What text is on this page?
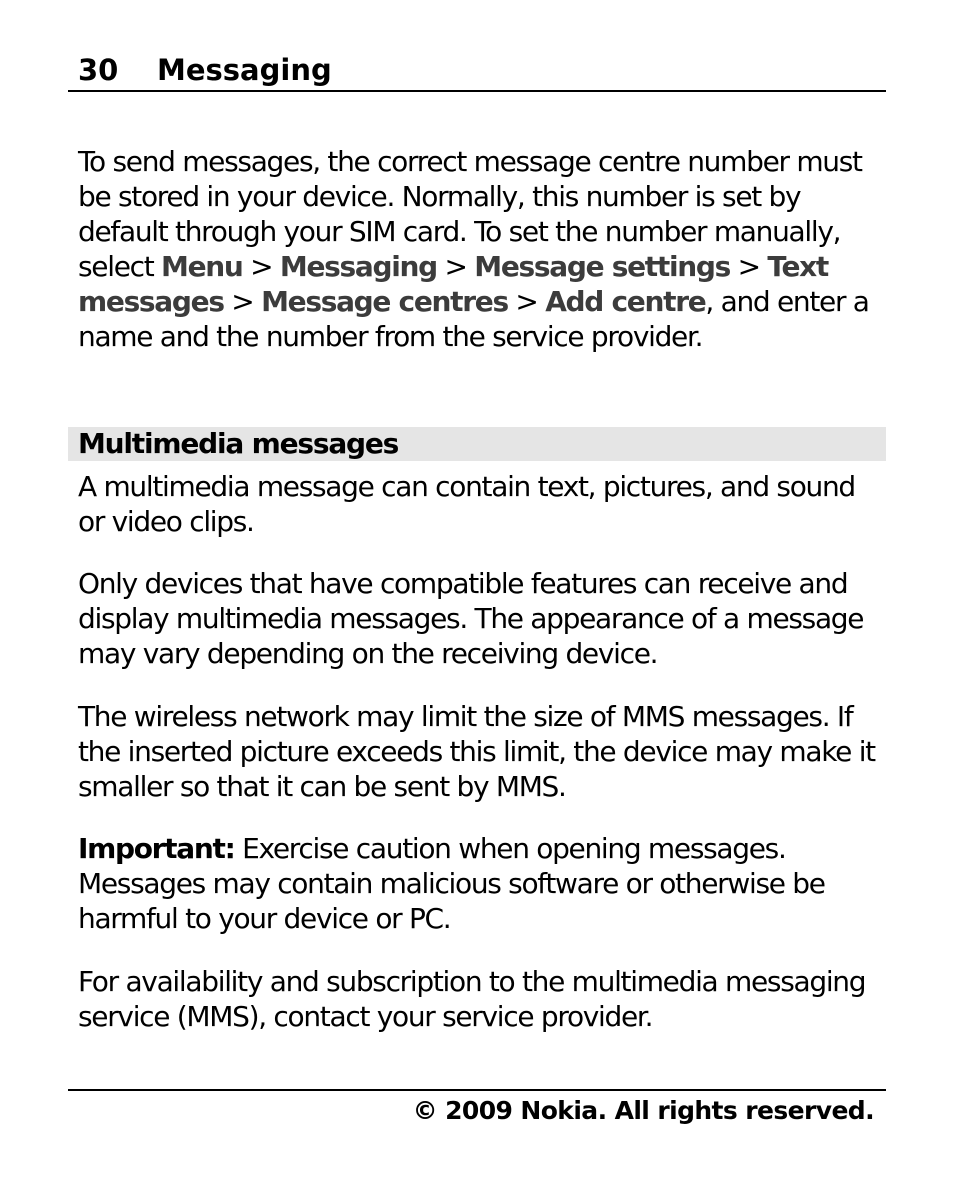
30 Messaging

To send messages, the correct message centre number must be stored in your device. Normally, this number is set by default through your SIM card. To set the number manually, select Menu > Messaging > Message settings > Text messages > Message centres > Add centre, and enter a name and the number from the service provider.

Multimedia messages

A multimedia message can contain text, pictures, and sound or video clips.

Only devices that have compatible features can receive and display multimedia messages. The appearance of a message may vary depending on the receiving device.

The wireless network may limit the size of MMS messages. If the inserted picture exceeds this limit, the device may make it smaller so that it can be sent by MMS.

Important: Exercise caution when opening messages. Messages may contain malicious software or otherwise be harmful to your device or PC.

For availability and subscription to the multimedia messaging service (MMS), contact your service provider.

© 2009 Nokia. All rights reserved.
